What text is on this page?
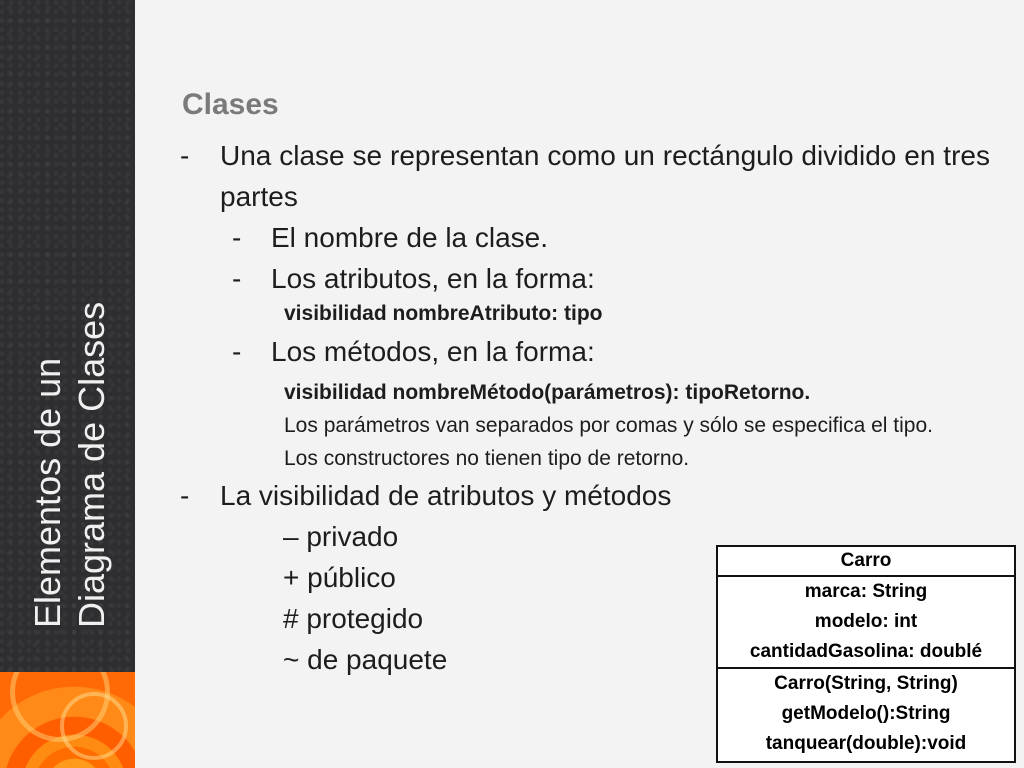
Elementos de un Diagrama de Clases
Clases
- Una clase se representan como un rectángulo dividido en tres partes
- El nombre de la clase.
- Los atributos, en la forma:
visibilidad nombreAtributo: tipo
- Los métodos, en la forma:
visibilidad nombreMétodo(parámetros): tipoRetorno.
Los parámetros van separados por comas y sólo se especifica el tipo.
Los constructores no tienen tipo de retorno.
- La visibilidad de atributos y métodos
– privado
+ público
# protegido
~ de paquete
Carro
marca: String
modelo: int
cantidadGasolina: doublé
Carro(String, String)
getModelo():String
tanquear(double):void
